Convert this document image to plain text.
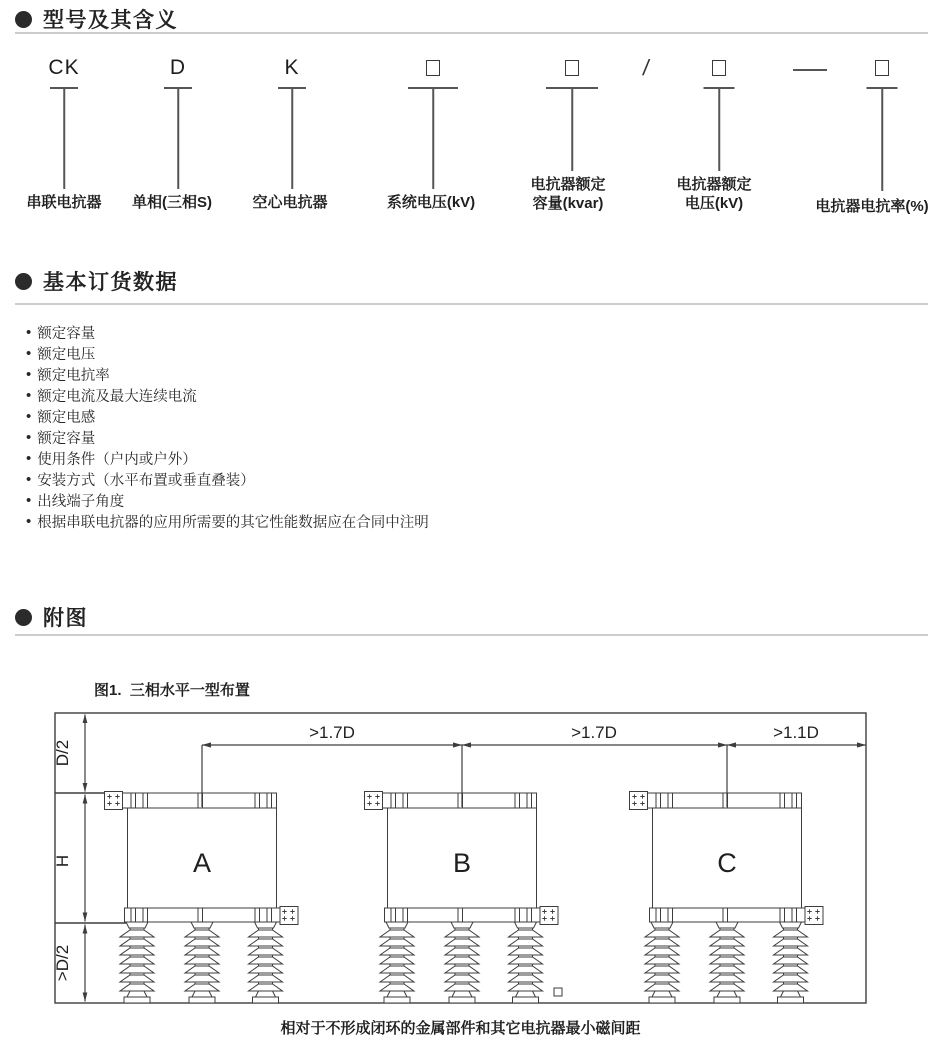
型号及其含义
CK
串联电抗器
D
单相(三相S)
K
空心电抗器	系统电压(kV)
电抗器额定
容量(kvar)
/
电抗器额定
电压(kV)	电抗器电抗率(%)
基本订货数据
• 额定容量
• 额定电压
• 额定电抗率
• 额定电流及最大连续电流
• 额定电感
• 额定容量
• 使用条件（户内或户外）
• 安装方式（水平布置或垂直叠装）
• 出线端子角度
• 根据串联电抗器的应用所需要的其它性能数据应在合同中注明
附图
图1.  三相水平一型布置
A	B	C
>1.7D	>1.7D	>1.1D
D/2
H
>D/2
相对于不形成闭环的金属部件和其它电抗器最小磁间距
